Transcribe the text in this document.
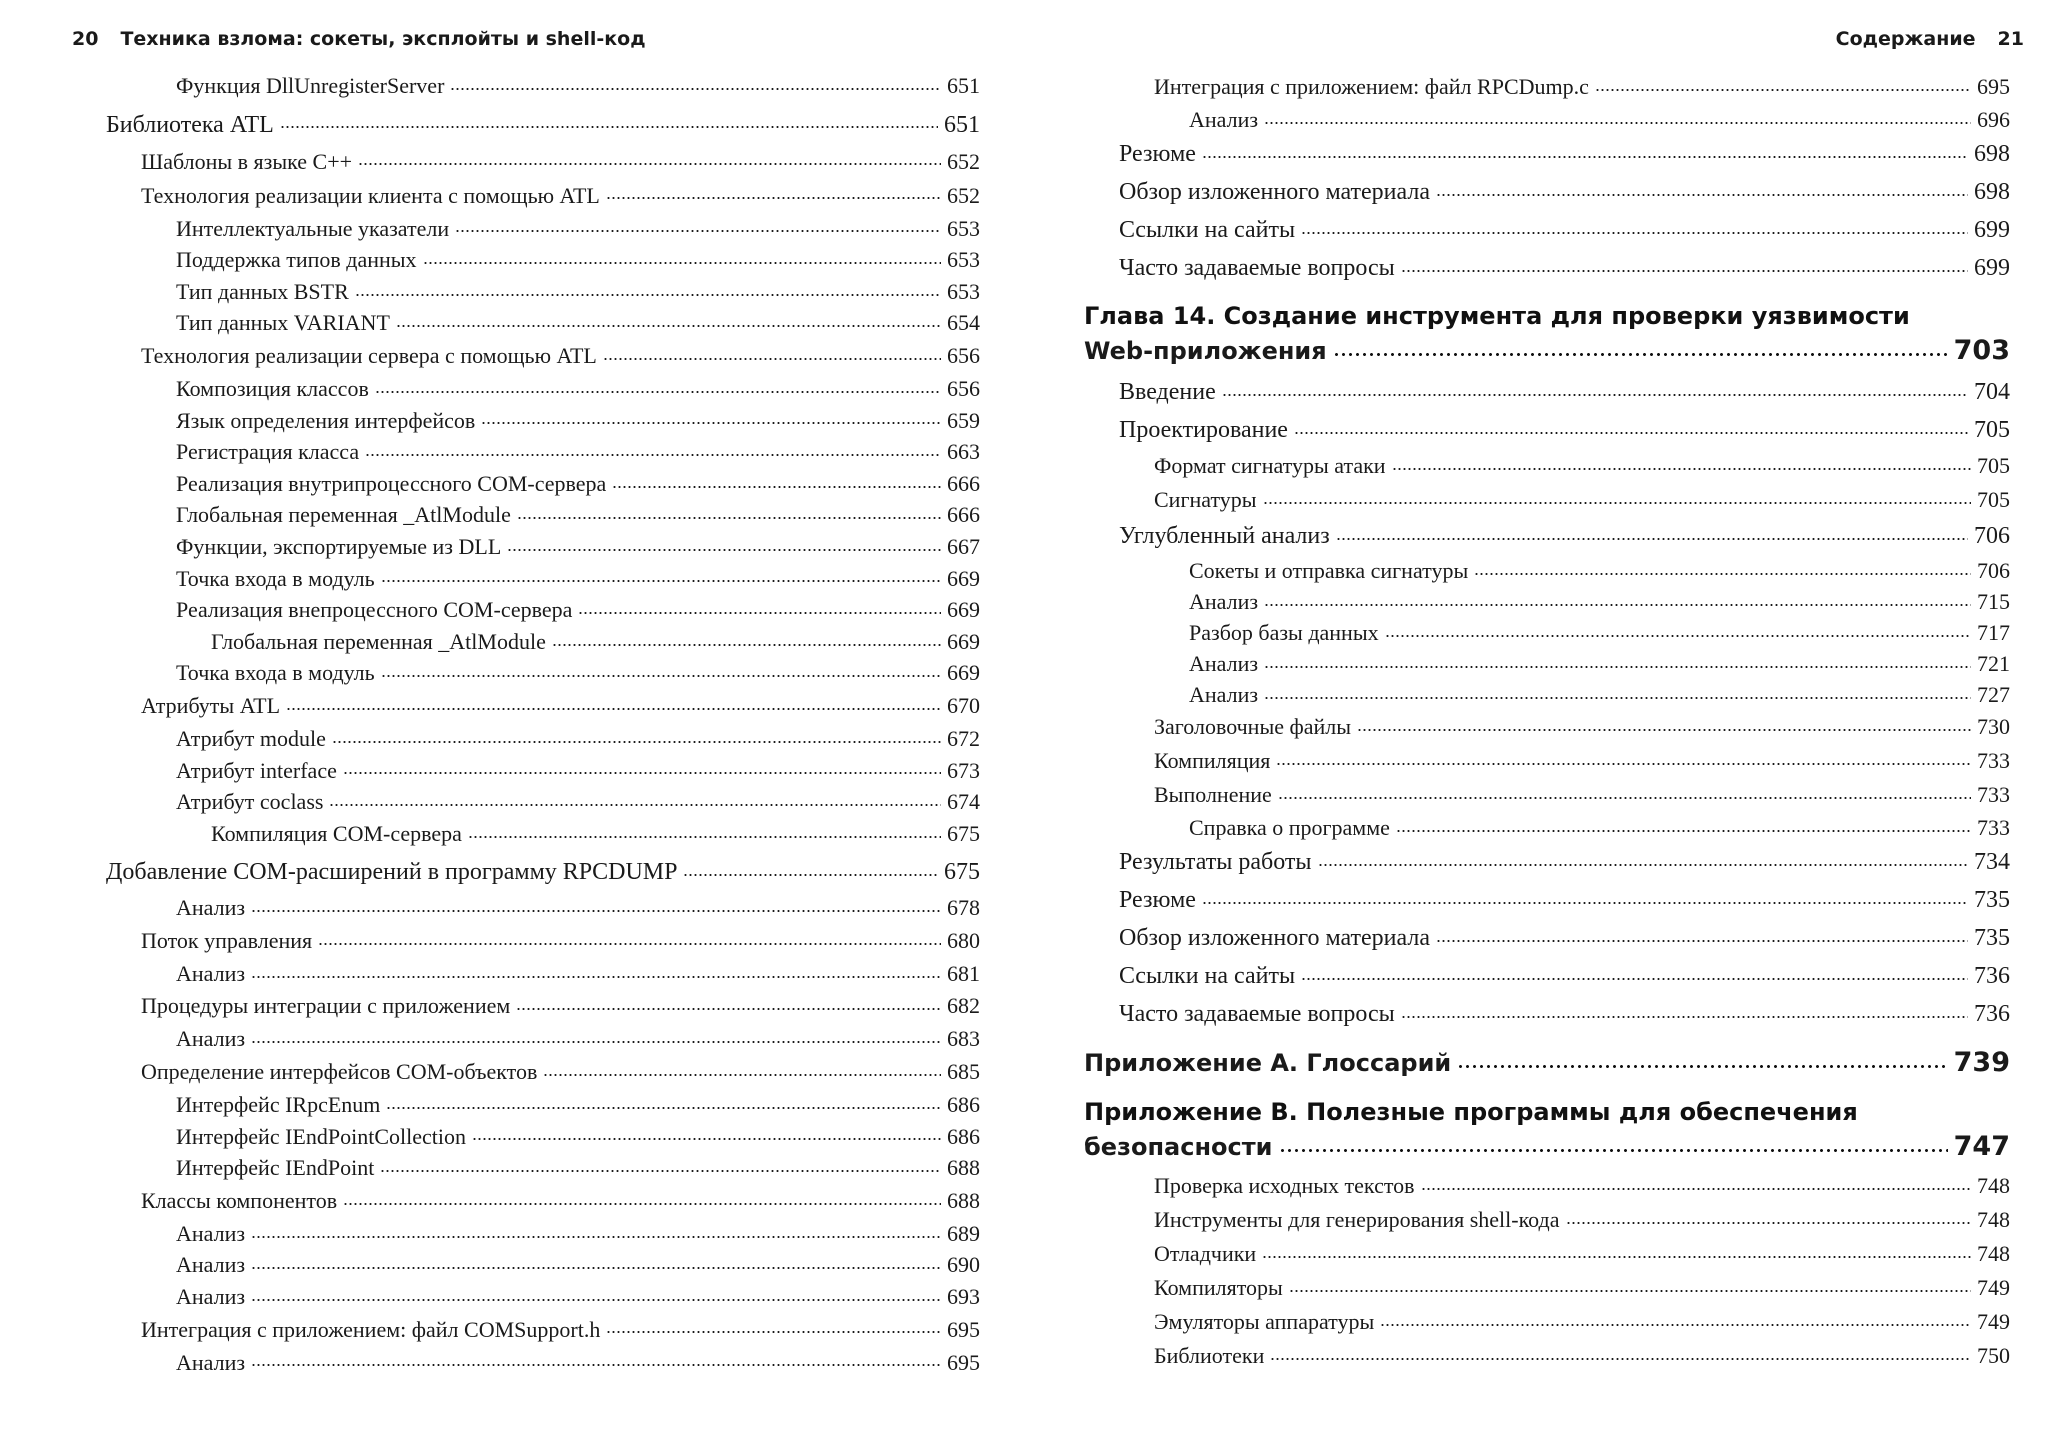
20 Техника взлома: сокеты, эксплойты и shell-код
Функция DllUnregisterServer	651
Библиотека ATL	651
Шаблоны в языке C++	652
Технология реализации клиента с помощью ATL	652
Интеллектуальные указатели	653
Поддержка типов данных	653
Тип данных BSTR	653
Тип данных VARIANT	654
Технология реализации сервера с помощью ATL	656
Композиция классов	656
Язык определения интерфейсов	659
Регистрация класса	663
Реализация внутрипроцессного COM-сервера	666
Глобальная переменная _AtlModule	666
Функции, экспортируемые из DLL	667
Точка входа в модуль	669
Реализация внепроцессного COM-сервера	669
Глобальная переменная _AtlModule	669
Точка входа в модуль	669
Атрибуты ATL	670
Атрибут module	672
Атрибут interface	673
Атрибут coclass	674
Компиляция COM-сервера	675
Добавление COM-расширений в программу RPCDUMP	675
Анализ	678
Поток управления	680
Анализ	681
Процедуры интеграции с приложением	682
Анализ	683
Определение интерфейсов COM-объектов	685
Интерфейс IRpcEnum	686
Интерфейс IEndPointCollection	686
Интерфейс IEndPoint	688
Классы компонентов	688
Анализ	689
Анализ	690
Анализ	693
Интеграция с приложением: файл COMSupport.h	695
Анализ	695
Содержание 21
Интеграция с приложением: файл RPCDump.c	695
Анализ	696
Резюме	698
Обзор изложенного материала	698
Ссылки на сайты	699
Часто задаваемые вопросы	699
Глава 14. Создание инструмента для проверки уязвимости
Web-приложения	703
Введение	704
Проектирование	705
Формат сигнатуры атаки	705
Сигнатуры	705
Углубленный анализ	706
Сокеты и отправка сигнатуры	706
Анализ	715
Разбор базы данных	717
Анализ	721
Анализ	727
Заголовочные файлы	730
Компиляция	733
Выполнение	733
Справка о программе	733
Результаты работы	734
Резюме	735
Обзор изложенного материала	735
Ссылки на сайты	736
Часто задаваемые вопросы	736
Приложение А. Глоссарий	739
Приложение B. Полезные программы для обеспечения
безопасности	747
Проверка исходных текстов	748
Инструменты для генерирования shell-кода	748
Отладчики	748
Компиляторы	749
Эмуляторы аппаратуры	749
Библиотеки	750
